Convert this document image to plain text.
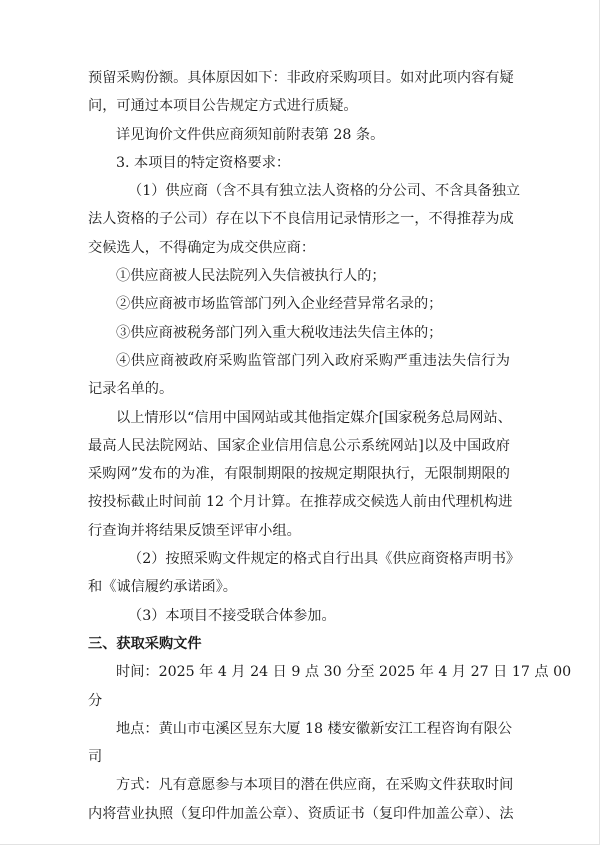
预留采购份额。具体原因如下：非政府采购项目。如对此项内容有疑
问，可通过本项目公告规定方式进行质疑。
详见询价文件供应商须知前附表第 28 条。
3. 本项目的特定资格要求：
（1）供应商（含不具有独立法人资格的分公司、不含具备独立
法人资格的子公司）存在以下不良信用记录情形之一，不得推荐为成
交候选人，不得确定为成交供应商：
①供应商被人民法院列入失信被执行人的；
②供应商被市场监管部门列入企业经营异常名录的；
③供应商被税务部门列入重大税收违法失信主体的；
④供应商被政府采购监管部门列入政府采购严重违法失信行为
记录名单的。
以上情形以“信用中国网站或其他指定媒介[国家税务总局网站、
最高人民法院网站、国家企业信用信息公示系统网站]以及中国政府
采购网”发布的为准，有限制期限的按规定期限执行，无限制期限的
按投标截止时间前 12 个月计算。在推荐成交候选人前由代理机构进
行查询并将结果反馈至评审小组。
（2）按照采购文件规定的格式自行出具《供应商资格声明书》
和《诚信履约承诺函》。
（3）本项目不接受联合体参加。
三、获取采购文件
时间：2025 年 4 月 24 日 9 点 30 分至 2025 年 4 月 27 日 17 点 00
分
地点：黄山市屯溪区昱东大厦 18 楼安徽新安江工程咨询有限公
司
方式：凡有意愿参与本项目的潜在供应商，在采购文件获取时间
内将营业执照（复印件加盖公章）、资质证书（复印件加盖公章）、法
